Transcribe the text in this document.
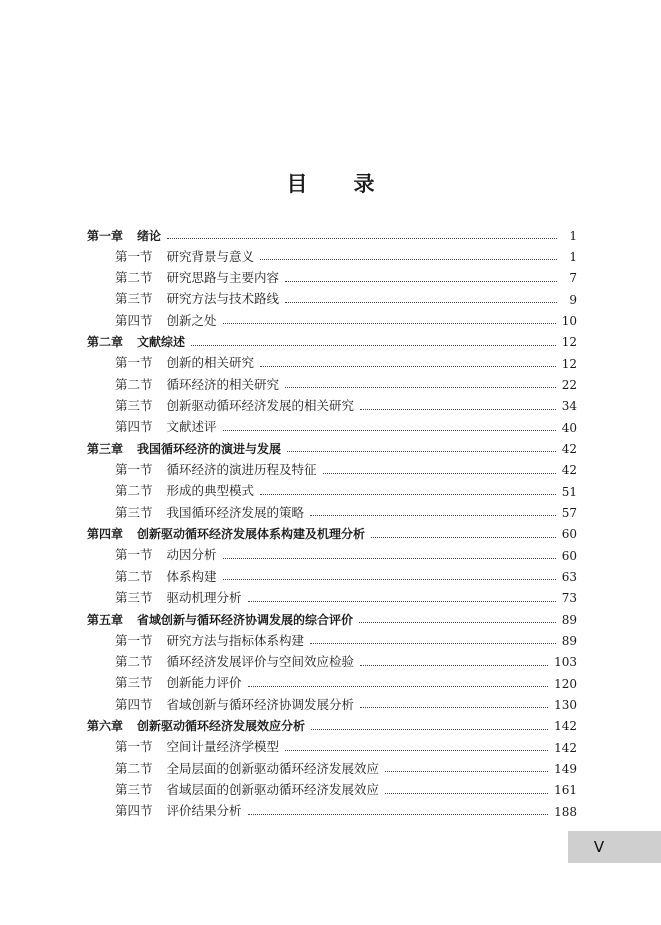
目 录
第一章 绪论	1
第一节 研究背景与意义	1
第二节 研究思路与主要内容	7
第三节 研究方法与技术路线	9
第四节 创新之处	10
第二章 文献综述	12
第一节 创新的相关研究	12
第二节 循环经济的相关研究	22
第三节 创新驱动循环经济发展的相关研究	34
第四节 文献述评	40
第三章 我国循环经济的演进与发展	42
第一节 循环经济的演进历程及特征	42
第二节 形成的典型模式	51
第三节 我国循环经济发展的策略	57
第四章 创新驱动循环经济发展体系构建及机理分析	60
第一节 动因分析	60
第二节 体系构建	63
第三节 驱动机理分析	73
第五章 省域创新与循环经济协调发展的综合评价	89
第一节 研究方法与指标体系构建	89
第二节 循环经济发展评价与空间效应检验	103
第三节 创新能力评价	120
第四节 省域创新与循环经济协调发展分析	130
第六章 创新驱动循环经济发展效应分析	142
第一节 空间计量经济学模型	142
第二节 全局层面的创新驱动循环经济发展效应	149
第三节 省域层面的创新驱动循环经济发展效应	161
第四节 评价结果分析	188
V
